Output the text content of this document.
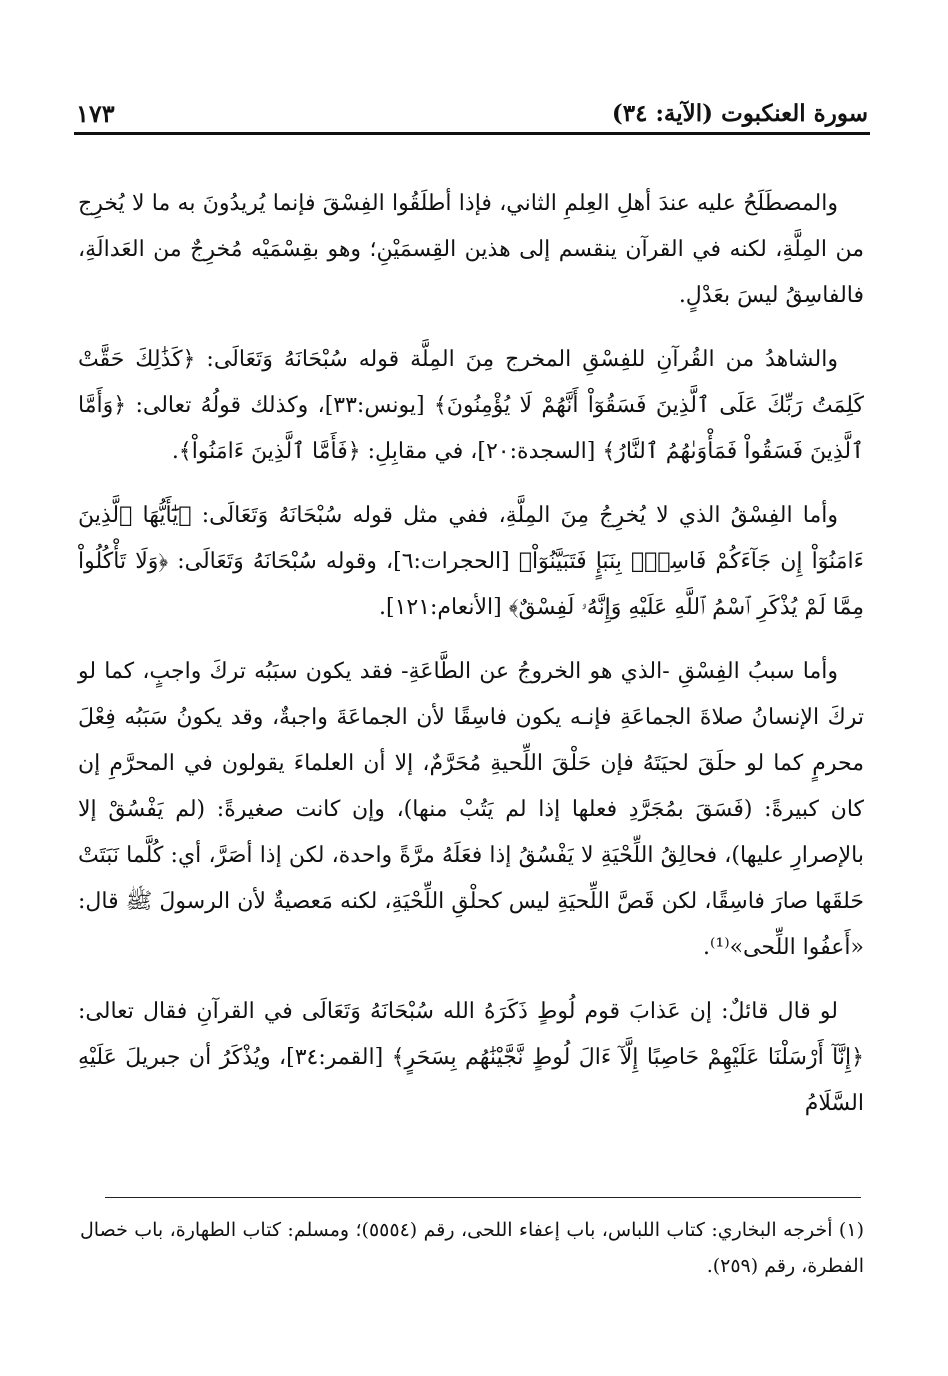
سورة العنكبوت (الآية: ٣٤)
١٧٣

والمصطَلَحُ عليه عندَ أهلِ العِلمِ الثاني، فإذا أطلَقُوا الفِسْقَ فإنما يُريدُونَ به ما لا يُخرِج من المِلَّةِ، لكنه في القرآن ينقسم إلى هذين القِسمَيْنِ؛ وهو بقِسْمَيْه مُخرِجٌ من العَدالَةِ، فالفاسِقُ ليسَ بعَدْلٍ.

والشاهدُ من القُرآنِ للفِسْقِ المخرج مِنَ المِلَّة قوله سُبْحَانَهُ وَتَعَالَى: ﴿كَذَٰلِكَ حَقَّتْ كَلِمَتُ رَبِّكَ عَلَى ٱلَّذِينَ فَسَقُوٓاْ أَنَّهُمْ لَا يُؤْمِنُونَ﴾ [يونس:٣٣]، وكذلك قولُهُ تعالى: ﴿وَأَمَّا ٱلَّذِينَ فَسَقُواْ فَمَأْوَىٰهُمُ ٱلنَّارُ﴾ [السجدة:٢٠]، في مقابِلِ: ﴿فَأَمَّا ٱلَّذِينَ ءَامَنُواْ﴾.

وأما الفِسْقُ الذي لا يُخرِجُ مِنَ المِلَّةِ، ففي مثل قوله سُبْحَانَهُ وَتَعَالَى: ﴿يَٰٓأَيُّهَا ٱلَّذِينَ ءَامَنُوٓاْ إِن جَآءَكُمْ فَاسِقٌۢ بِنَبَإٍ فَتَبَيَّنُوٓاْ﴾ [الحجرات:٦]، وقوله سُبْحَانَهُ وَتَعَالَى: ﴿وَلَا تَأْكُلُواْ مِمَّا لَمْ يُذْكَرِ ٱسْمُ ٱللَّهِ عَلَيْهِ وَإِنَّهُۥ لَفِسْقٌ﴾ [الأنعام:١٢١].

وأما سببُ الفِسْقِ -الذي هو الخروجُ عن الطَّاعَةِ- فقد يكون سبَبُه تركَ واجبٍ، كما لو تركَ الإنسانُ صلاةَ الجماعَةِ فإنـه يكون فاسِقًا لأن الجماعَةَ واجبةٌ، وقد يكونُ سَبَبُه فِعْلَ محرمٍ كما لو حلَقَ لحيَتَهُ فإن حَلْقَ اللِّحيةِ مُحَرَّمٌ، إلا أن العلماءَ يقولون في المحرَّمِ إن كان كبيرةً: (فَسَقَ بمُجَرَّدِ فعلها إذا لم يَتُبْ منها)، وإن كانت صغيرةً: (لم يَفْسُقْ إلا بالإصرارِ عليها)، فحالِقُ اللِّحْيَةِ لا يَفْسُقُ إذا فعَلَهُ مرَّةً واحدة، لكن إذا أصَرَّ، أي: كُلَّما نَبَتَتْ حَلقَها صارَ فاسِقًا، لكن قَصَّ اللِّحيَةِ ليس كحلْقِ اللِّحْيَةِ، لكنه مَعصيةٌ لأن الرسولَ ﷺ قال: «أَعفُوا اللِّحى»⁽¹⁾.

لو قال قائلٌ: إن عَذابَ قوم لُوطٍ ذَكَرَهُ الله سُبْحَانَهُ وَتَعَالَى في القرآنِ فقال تعالى: ﴿إِنَّآ أَرْسَلْنَا عَلَيْهِمْ حَاصِبًا إِلَّآ ءَالَ لُوطٍ نَّجَّيْنَٰهُم بِسَحَرٍ﴾ [القمر:٣٤]، ويُذْكَرُ أن جبريلَ عَلَيْهِ السَّلَامُ

(١) أخرجه البخاري: كتاب اللباس، باب إعفاء اللحى، رقم (٥٥٥٤)؛ ومسلم: كتاب الطهارة، باب خصال الفطرة، رقم (٢٥٩).
